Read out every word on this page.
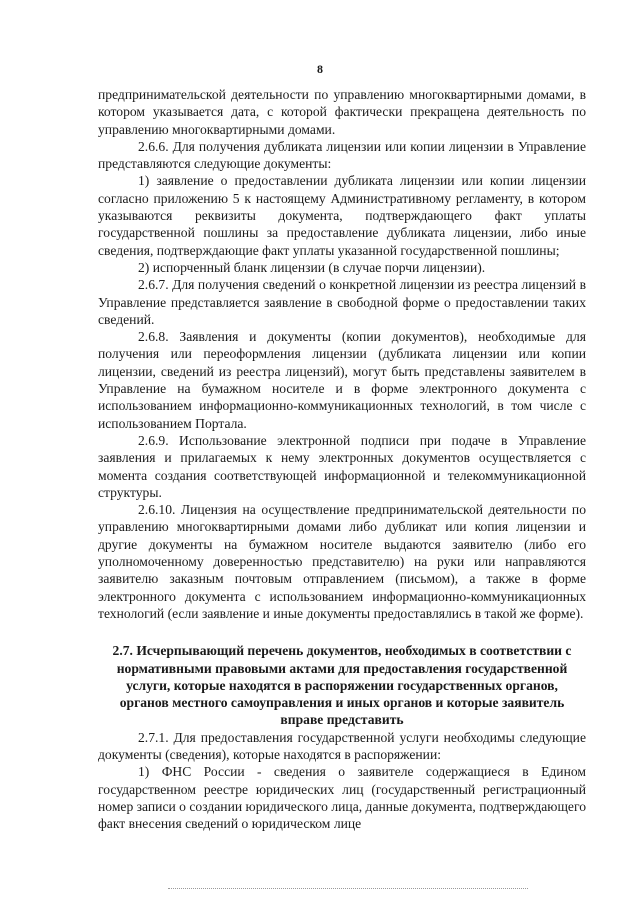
8

предпринимательской деятельности по управлению многоквартирными домами, в котором указывается дата, с которой фактически прекращена деятельность по управлению многоквартирными домами.

2.6.6. Для получения дубликата лицензии или копии лицензии в Управление представляются следующие документы:

1) заявление о предоставлении дубликата лицензии или копии лицензии согласно приложению 5 к настоящему Административному регламенту, в котором указываются реквизиты документа, подтверждающего факт уплаты государственной пошлины за предоставление дубликата лицензии, либо иные сведения, подтверждающие факт уплаты указанной государственной пошлины;

2) испорченный бланк лицензии (в случае порчи лицензии).

2.6.7. Для получения сведений о конкретной лицензии из реестра лицензий в Управление представляется заявление в свободной форме о предоставлении таких сведений.

2.6.8. Заявления и документы (копии документов), необходимые для получения или переоформления лицензии (дубликата лицензии или копии лицензии, сведений из реестра лицензий), могут быть представлены заявителем в Управление на бумажном носителе и в форме электронного документа с использованием информационно-коммуникационных технологий, в том числе с использованием Портала.

2.6.9. Использование электронной подписи при подаче в Управление заявления и прилагаемых к нему электронных документов осуществляется с момента создания соответствующей информационной и телекоммуникационной структуры.

2.6.10. Лицензия на осуществление предпринимательской деятельности по управлению многоквартирными домами либо дубликат или копия лицензии и другие документы на бумажном носителе выдаются заявителю (либо его уполномоченному доверенностью представителю) на руки или направляются заявителю заказным почтовым отправлением (письмом), а также в форме электронного документа с использованием информационно-коммуникационных технологий (если заявление и иные документы предоставлялись в такой же форме).

2.7. Исчерпывающий перечень документов, необходимых в соответствии с нормативными правовыми актами для предоставления государственной услуги, которые находятся в распоряжении государственных органов, органов местного самоуправления и иных органов и которые заявитель вправе представить

2.7.1. Для предоставления государственной услуги необходимы следующие документы (сведения), которые находятся в распоряжении:

1) ФНС России - сведения о заявителе содержащиеся в Едином государственном реестре юридических лиц (государственный регистрационный номер записи о создании юридического лица, данные документа, подтверждающего факт внесения сведений о юридическом лице
